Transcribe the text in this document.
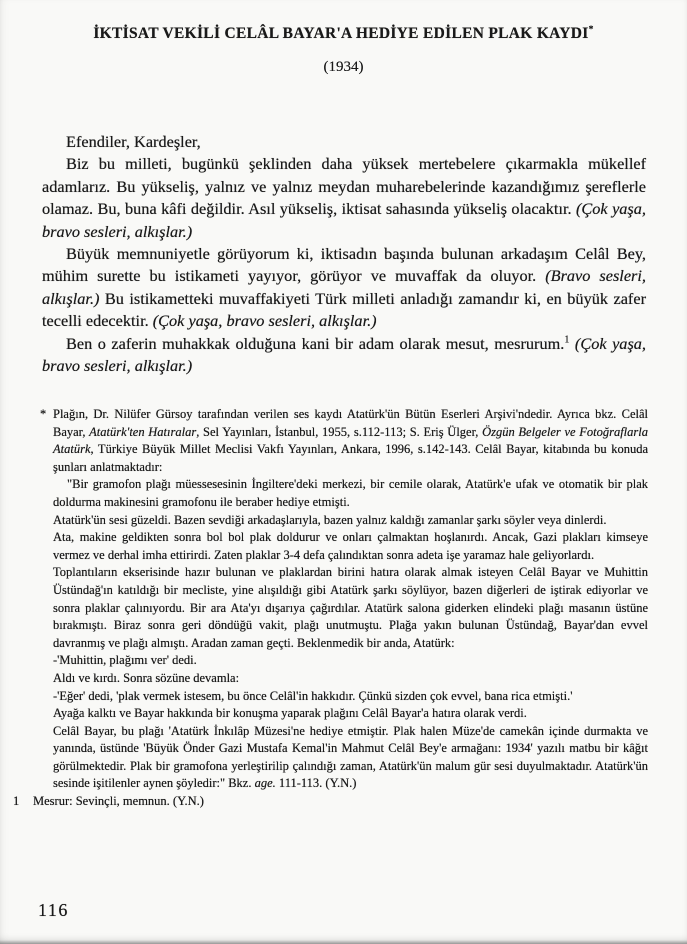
İKTİSAT VEKİLİ CELÂL BAYAR'A HEDİYE EDİLEN PLAK KAYDI*
(1934)
Efendiler, Kardeşler,
Biz bu milleti, bugünkü şeklinden daha yüksek mertebelere çıkarmakla mükellef adamlarız. Bu yükseliş, yalnız ve yalnız meydan muharebelerinde kazandığımız şereflerle olamaz. Bu, buna kâfi değildir. Asıl yükseliş, iktisat sahasında yükseliş olacaktır. (Çok yaşa, bravo sesleri, alkışlar.)
Büyük memnuniyetle görüyorum ki, iktisadın başında bulunan arkadaşım Celâl Bey, mühim surette bu istikameti yayıyor, görüyor ve muvaffak da oluyor. (Bravo sesleri, alkışlar.) Bu istikametteki muvaffakiyeti Türk milleti anladığı zamandır ki, en büyük zafer tecelli edecektir. (Çok yaşa, bravo sesleri, alkışlar.)
Ben o zaferin muhakkak olduğuna kani bir adam olarak mesut, mesrurum.$^1$ (Çok yaşa, bravo sesleri, alkışlar.)
* Plağın, Dr. Nilüfer Gürsoy tarafından verilen ses kaydı Atatürk'ün Bütün Eserleri Arşivi'ndedir. Ayrıca bkz. Celâl Bayar, Atatürk'ten Hatıralar, Sel Yayınları, İstanbul, 1955, s.112-113; S. Eriş Ülger, Özgün Belgeler ve Fotoğraflarla Atatürk, Türkiye Büyük Millet Meclisi Vakfı Yayınları, Ankara, 1996, s.142-143. Celâl Bayar, kitabında bu konuda şunları anlatmaktadır:
"Bir gramofon plağı müessesesinin İngiltere'deki merkezi, bir cemile olarak, Atatürk'e ufak ve otomatik bir plak doldurma makinesini gramofonu ile beraber hediye etmişti.
Atatürk'ün sesi güzeldi. Bazen sevdiği arkadaşlarıyla, bazen yalnız kaldığı zamanlar şarkı söyler veya dinlerdi.
Ata, makine geldikten sonra bol bol plak doldurur ve onları çalmaktan hoşlanırdı. Ancak, Gazi plakları kimseye vermez ve derhal imha ettirirdi. Zaten plaklar 3-4 defa çalındıktan sonra adeta işe yaramaz hale geliyorlardı.
Toplantıların ekserisinde hazır bulunan ve plaklardan birini hatıra olarak almak isteyen Celâl Bayar ve Muhittin Üstündağ'ın katıldığı bir mecliste, yine alışıldığı gibi Atatürk şarkı söylüyor, bazen diğerleri de iştirak ediyorlar ve sonra plaklar çalınıyordu. Bir ara Ata'yı dışarıya çağırdılar. Atatürk salona giderken elindeki plağı masanın üstüne bırakmıştı. Biraz sonra geri döndüğü vakit, plağı unutmuştu. Plağa yakın bulunan Üstündağ, Bayar'dan evvel davranmış ve plağı almıştı. Aradan zaman geçti. Beklenmedik bir anda, Atatürk:
-'Muhittin, plağımı ver' dedi.
Aldı ve kırdı. Sonra sözüne devamla:
-'Eğer' dedi, 'plak vermek istesem, bu önce Celâl'in hakkıdır. Çünkü sizden çok evvel, bana rica etmişti.'
Ayağa kalktı ve Bayar hakkında bir konuşma yaparak plağını Celâl Bayar'a hatıra olarak verdi.
Celâl Bayar, bu plağı 'Atatürk İnkılâp Müzesi'ne hediye etmiştir. Plak halen Müze'de camekân içinde durmakta ve yanında, üstünde 'Büyük Önder Gazi Mustafa Kemal'in Mahmut Celâl Bey'e armağanı: 1934' yazılı matbu bir kâğıt görülmektedir. Plak bir gramofona yerleştirilip çalındığı zaman, Atatürk'ün malum gür sesi duyulmaktadır. Atatürk'ün sesinde işitilenler aynen şöyledir:" Bkz. age. 111-113. (Y.N.)
1 Mesrur: Sevinçli, memnun. (Y.N.)
116
